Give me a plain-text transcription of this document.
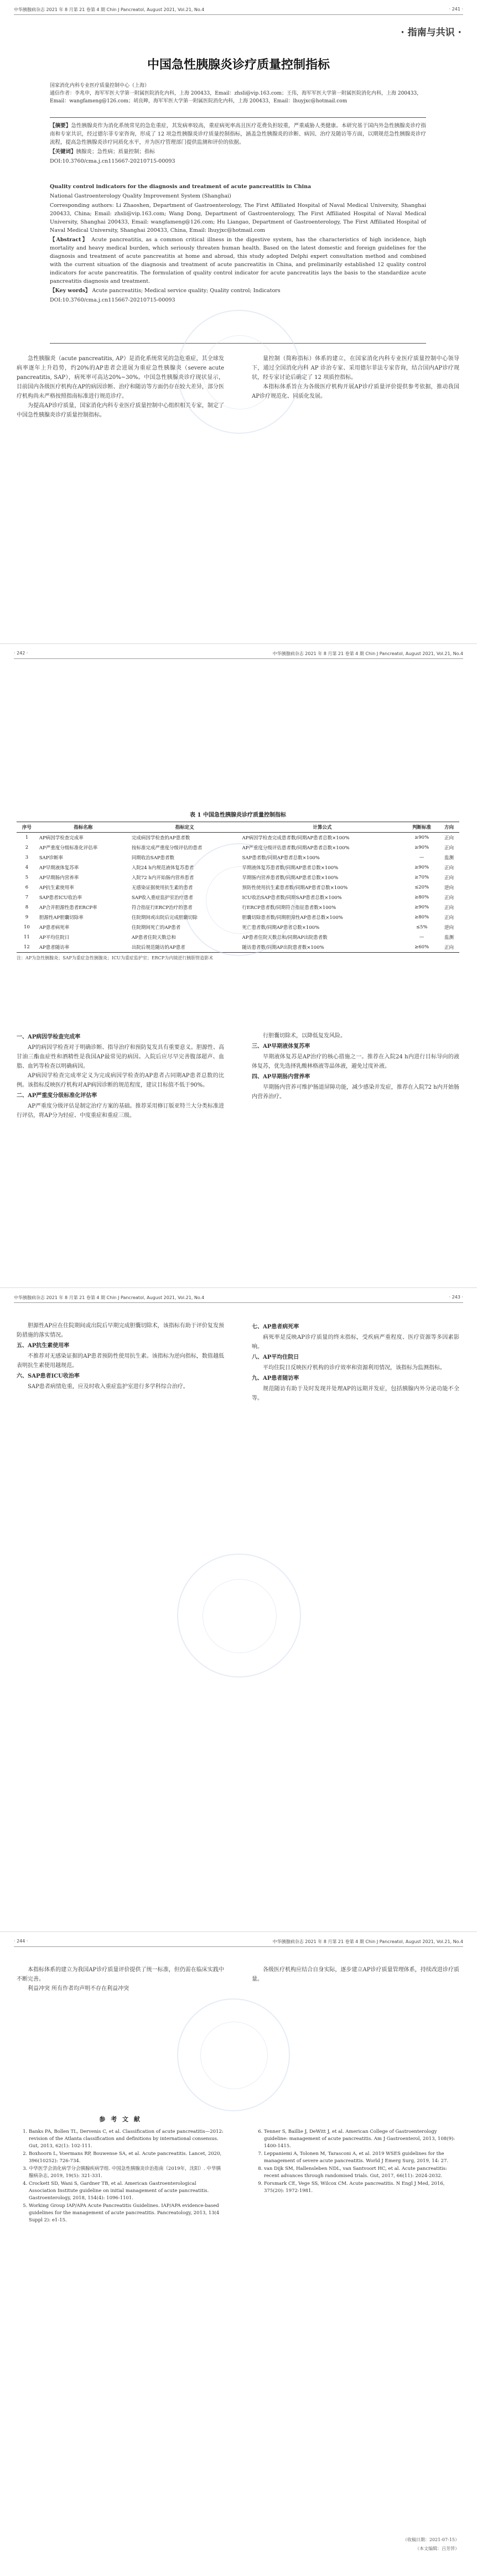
中华胰腺病杂志 2021 年 8 月第 21 卷第 4 期 Chin J Pancreatol, August 2021, Vol.21, No.4	· 241 ·
· 指南与共识 ·
中国急性胰腺炎诊疗质量控制指标

国家消化内科专业医疗质量控制中心（上海）

通信作者：李兆申，海军军医大学第一附属医院消化内科，上海 200433，Email：zhsli@vip.163.com；王伟，海军军医大学第一附属医院消化内科，上海 200433，Email：wangfameng@126.com；胡良皞，海军军医大学第一附属医院消化内科，上海 200433，Email：lhuyjxc@hotmail.com

【摘要】急性胰腺炎作为消化系统常见的急危重症，其发病率较高，重症病死率高且医疗花费负担较重，严重威胁人类健康。本研究基于国内外急性胰腺炎诊疗指南和专家共识，经过德尔菲专家咨询，形成了 12 项急性胰腺炎诊疗质量控制指标，涵盖急性胰腺炎的诊断、病因、治疗及随访等方面，以期规范急性胰腺炎诊疗流程，提高急性胰腺炎诊疗同质化水平，并为医疗管理部门提供监测和评价的依据。

【关键词】胰腺炎；急性病；质量控制；指标

DOI:10.3760/cma.j.cn115667-20210715-00093

Quality control indicators for the diagnosis and treatment of acute pancreatitis in China

National Gastroenterology Quality Improvement System (Shanghai)

Corresponding authors: Li Zhaoshen, Department of Gastroenterology, The First Affiliated Hospital of Naval Medical University, Shanghai 200433, China; Email: zhsli@vip.163.com; Wang Dong, Department of Gastroenterology, The First Affiliated Hospital of Naval Medical University, Shanghai 200433, Email: wangfameng@126.com; Hu Liangao, Department of Gastroenterology, The First Affiliated Hospital of Naval Medical University, Shanghai 200433, China, Email: lhuyjxc@hotmail.com

【Abstract】 Acute pancreatitis, as a common critical illness in the digestive system, has the characteristics of high incidence, high mortality and heavy medical burden, which seriously threaten human health. Based on the latest domestic and foreign guidelines for the diagnosis and treatment of acute pancreatitis at home and abroad, this study adopted Delphi expert consultation method and combined with the current situation of the diagnosis and treatment of acute pancreatitis in China, and preliminarily established 12 quality control indicators for acute pancreatitis. The formulation of quality control indicator for acute pancreatitis lays the basis to the standardize acute pancreatitis diagnosis and treatment.

【Key words】 Acute pancreatitis; Medical service quality; Quality control; Indicators

DOI:10.3760/cma.j.cn115667-20210715-00093

急性胰腺炎（acute pancreatitis, AP）是消化系统常见的急危重症，其全球发病率逐年上升趋势，约20%的AP患者会进展为重症急性胰腺炎（severe acute pancreatitis, SAP），病死率可高达20%~30%。中国急性胰腺炎诊疗现状显示，目前国内各级医疗机构在AP的病因诊断、治疗和随访等方面仍存在较大差异，部分医疗机构尚未严格按照指南标准进行规范诊疗。

为提高AP诊疗质量，国家消化内科专业医疗质量控制中心组织相关专家，制定了中国急性胰腺炎诊疗质量控制指标。

量控制（简称指标）体系的建立，在国家消化内科专业医疗质量控制中心领导下，通过全国消化内科 AP 诊治专家、采用德尔菲法专家咨询，结合国内AP诊疗现状，经专家讨论后确定了 12 项质控指标。

本指标体系旨在为各级医疗机构开展AP诊疗质量评价提供参考依据，推动我国AP诊疗规范化、同质化发展。

· 242 ·	中华胰腺病杂志 2021 年 8 月第 21 卷第 4 期 Chin J Pancreatol, August 2021, Vol.21, No.4
表 1 中国急性胰腺炎诊疗质量控制指标
序号	指标名称	指标定义	计算公式	判断标准	方向
1	AP病因学检查完成率	完成病因学检查的AP患者数	AP病因学检查完成患者数/同期AP患者总数×100%	≥90%	正向
2	AP严重度分级标准化评估率	按标准完成严重度分级评估的患者	AP严重度分级评估患者数/同期AP患者总数×100%	≥90%	正向
3	SAP诊断率	同期收治SAP患者数	SAP患者数/同期AP患者总数×100%	—	监测
4	AP早期液体复苏率	入院24 h内规范液体复苏患者	早期液体复苏患者数/同期AP患者总数×100%	≥90%	正向
5	AP早期肠内营养率	入院72 h内开始肠内营养患者	早期肠内营养患者数/同期AP患者总数×100%	≥70%	正向
6	AP抗生素使用率	无感染证据使用抗生素的患者	预防性使用抗生素患者数/同期AP患者总数×100%	≤20%	逆向
7	SAP患者ICU收治率	SAP收入重症监护室治疗患者	ICU收治SAP患者数/同期SAP患者总数×100%	≥80%	正向
8	AP合并胆源性患者ERCP率	符合指征行ERCP治疗的患者	行ERCP患者数/同期符合指征患者数×100%	≥90%	正向
9	胆源性AP胆囊切除率	住院期间或出院后完成胆囊切除	胆囊切除患者数/同期胆源性AP患者总数×100%	≥80%	正向
10	AP患者病死率	住院期间死亡的AP患者	死亡患者数/同期AP患者总数×100%	≤5%	逆向
11	AP平均住院日	AP患者住院天数总和	AP患者住院天数总和/同期AP出院患者数	—	监测
12	AP患者随访率	出院后规范随访的AP患者	随访患者数/同期AP出院患者数×100%	≥60%	正向
注：AP为急性胰腺炎；SAP为重症急性胰腺炎；ICU为重症监护室；ERCP为内镜逆行胰胆管造影术
一、AP病因学检查完成率

AP的病因学检查对于明确诊断、指导治疗和预防复发具有重要意义。胆源性、高甘油三酯血症性和酒精性是我国AP最常见的病因。入院后应尽早完善腹部超声、血脂、血钙等检查以明确病因。

AP病因学检查完成率定义为完成病因学检查的AP患者占同期AP患者总数的比例。该指标反映医疗机构对AP病因诊断的规范程度，建议目标值不低于90%。

二、AP严重度分级标准化评估率

AP严重度分级评估是制定治疗方案的基础。推荐采用修订版亚特兰大分类标准进行评估，将AP分为轻症、中度重症和重症三级。

行胆囊切除术，以降低复发风险。

三、AP早期液体复苏率

早期液体复苏是AP治疗的核心措施之一。推荐在入院24 h内进行目标导向的液体复苏，优先选择乳酸林格液等晶体液，避免过度补液。

四、AP早期肠内营养率

早期肠内营养可维护肠道屏障功能，减少感染并发症，推荐在入院72 h内开始肠内营养治疗。

中华胰腺病杂志 2021 年 8 月第 21 卷第 4 期 Chin J Pancreatol, August 2021, Vol.21, No.4	· 243 ·

胆源性AP应在住院期间或出院后早期完成胆囊切除术，该指标有助于评价复发预防措施的落实情况。

五、AP抗生素使用率

不推荐对无感染证据的AP患者预防性使用抗生素。该指标为逆向指标，数值越低表明抗生素使用越规范。

六、SAP患者ICU收治率

SAP患者病情危重，应及时收入重症监护室进行多学科综合治疗。

七、AP患者病死率

病死率是反映AP诊疗质量的终末指标，受疾病严重程度、医疗资源等多因素影响。

八、AP平均住院日

平均住院日反映医疗机构的诊疗效率和资源利用情况，该指标为监测指标。

九、AP患者随访率

规范随访有助于及时发现并处理AP的远期并发症，包括胰腺内外分泌功能不全等。

· 244 ·	中华胰腺病杂志 2021 年 8 月第 21 卷第 4 期 Chin J Pancreatol, August 2021, Vol.21, No.4

本指标体系的建立为我国AP诊疗质量评价提供了统一标准，但仍需在临床实践中不断完善。

利益冲突 所有作者均声明不存在利益冲突

各级医疗机构应结合自身实际，逐步建立AP诊疗质量管理体系，持续改进诊疗质量。

参 考 文 献
1. Banks PA, Bollen TL, Dervenis C, et al. Classification of acute pancreatitis—2012: revision of the Atlanta classification and definitions by international consensus. Gut, 2013, 62(1): 102-111.
2. Boxhoorn L, Voermans RP, Bouwense SA, et al. Acute pancreatitis. Lancet, 2020, 396(10252): 726-734.
3. 中华医学会消化病学分会胰腺疾病学组. 中国急性胰腺炎诊治指南（2019年，沈阳）. 中华胰腺病杂志, 2019, 19(5): 321-331.
4. Crockett SD, Wani S, Gardner TB, et al. American Gastroenterological Association Institute guideline on initial management of acute pancreatitis. Gastroenterology, 2018, 154(4): 1096-1101.
5. Working Group IAP/APA Acute Pancreatitis Guidelines. IAP/APA evidence-based guidelines for the management of acute pancreatitis. Pancreatology, 2013, 13(4 Suppl 2): e1-15.
6. Tenner S, Baillie J, DeWitt J, et al. American College of Gastroenterology guideline: management of acute pancreatitis. Am J Gastroenterol, 2013, 108(9): 1400-1415.
7. Leppaniemi A, Tolonen M, Tarasconi A, et al. 2019 WSES guidelines for the management of severe acute pancreatitis. World J Emerg Surg, 2019, 14: 27.
8. van Dijk SM, Hallensleben NDL, van Santvoort HC, et al. Acute pancreatitis: recent advances through randomised trials. Gut, 2017, 66(11): 2024-2032.
9. Forsmark CE, Vege SS, Wilcox CM. Acute pancreatitis. N Engl J Med, 2016, 375(20): 1972-1981.
（收稿日期：2021-07-15）
（本文编辑：吕芳萍）
